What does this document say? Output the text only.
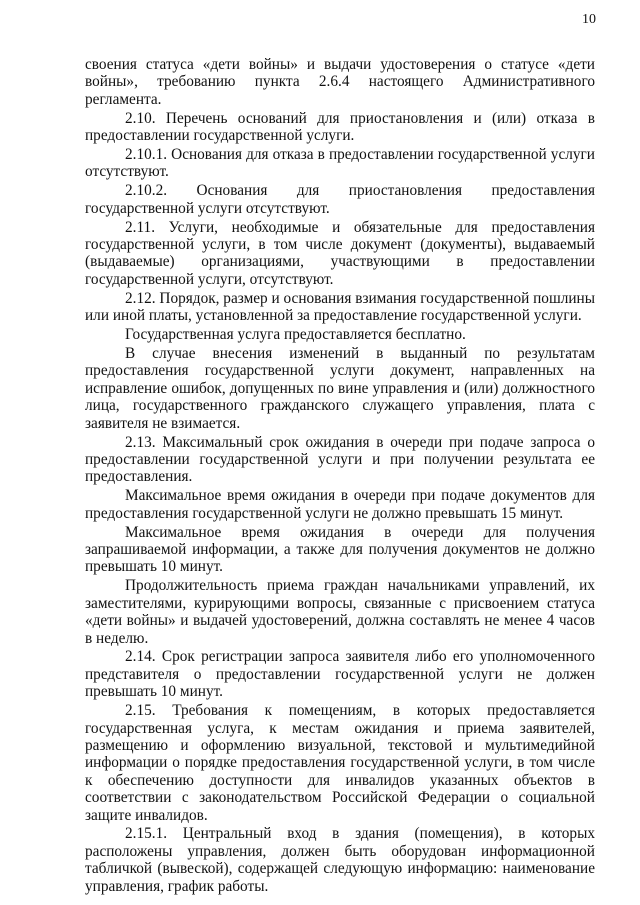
10

своения статуса «дети войны» и выдачи удостоверения о статусе «дети войны», требованию пункта 2.6.4 настоящего Административного регламента.

2.10. Перечень оснований для приостановления и (или) отказа в предоставлении государственной услуги.

2.10.1. Основания для отказа в предоставлении государственной услуги отсутствуют.

2.10.2. Основания для приостановления предоставления государственной услуги отсутствуют.

2.11. Услуги, необходимые и обязательные для предоставления государственной услуги, в том числе документ (документы), выдаваемый (выдаваемые) организациями, участвующими в предоставлении государственной услуги, отсутствуют.

2.12. Порядок, размер и основания взимания государственной пошлины или иной платы, установленной за предоставление государственной услуги.

Государственная услуга предоставляется бесплатно.

В случае внесения изменений в выданный по результатам предоставления государственной услуги документ, направленных на исправление ошибок, допущенных по вине управления и (или) должностного лица, государственного гражданского служащего управления, плата с заявителя не взимается.

2.13. Максимальный срок ожидания в очереди при подаче запроса о предоставлении государственной услуги и при получении результата ее предоставления.

Максимальное время ожидания в очереди при подаче документов для предоставления государственной услуги не должно превышать 15 минут.

Максимальное время ожидания в очереди для получения запрашиваемой информации, а также для получения документов не должно превышать 10 минут.

Продолжительность приема граждан начальниками управлений, их заместителями, курирующими вопросы, связанные с присвоением статуса «дети войны» и выдачей удостоверений, должна составлять не менее 4 часов в неделю.

2.14. Срок регистрации запроса заявителя либо его уполномоченного представителя о предоставлении государственной услуги не должен превышать 10 минут.

2.15. Требования к помещениям, в которых предоставляется государственная услуга, к местам ожидания и приема заявителей, размещению и оформлению визуальной, текстовой и мультимедийной информации о порядке предоставления государственной услуги, в том числе к обеспечению доступности для инвалидов указанных объектов в соответствии с законодательством Российской Федерации о социальной защите инвалидов.

2.15.1. Центральный вход в здания (помещения), в которых расположены управления, должен быть оборудован информационной табличкой (вывеской), содержащей следующую информацию: наименование управления, график работы.
